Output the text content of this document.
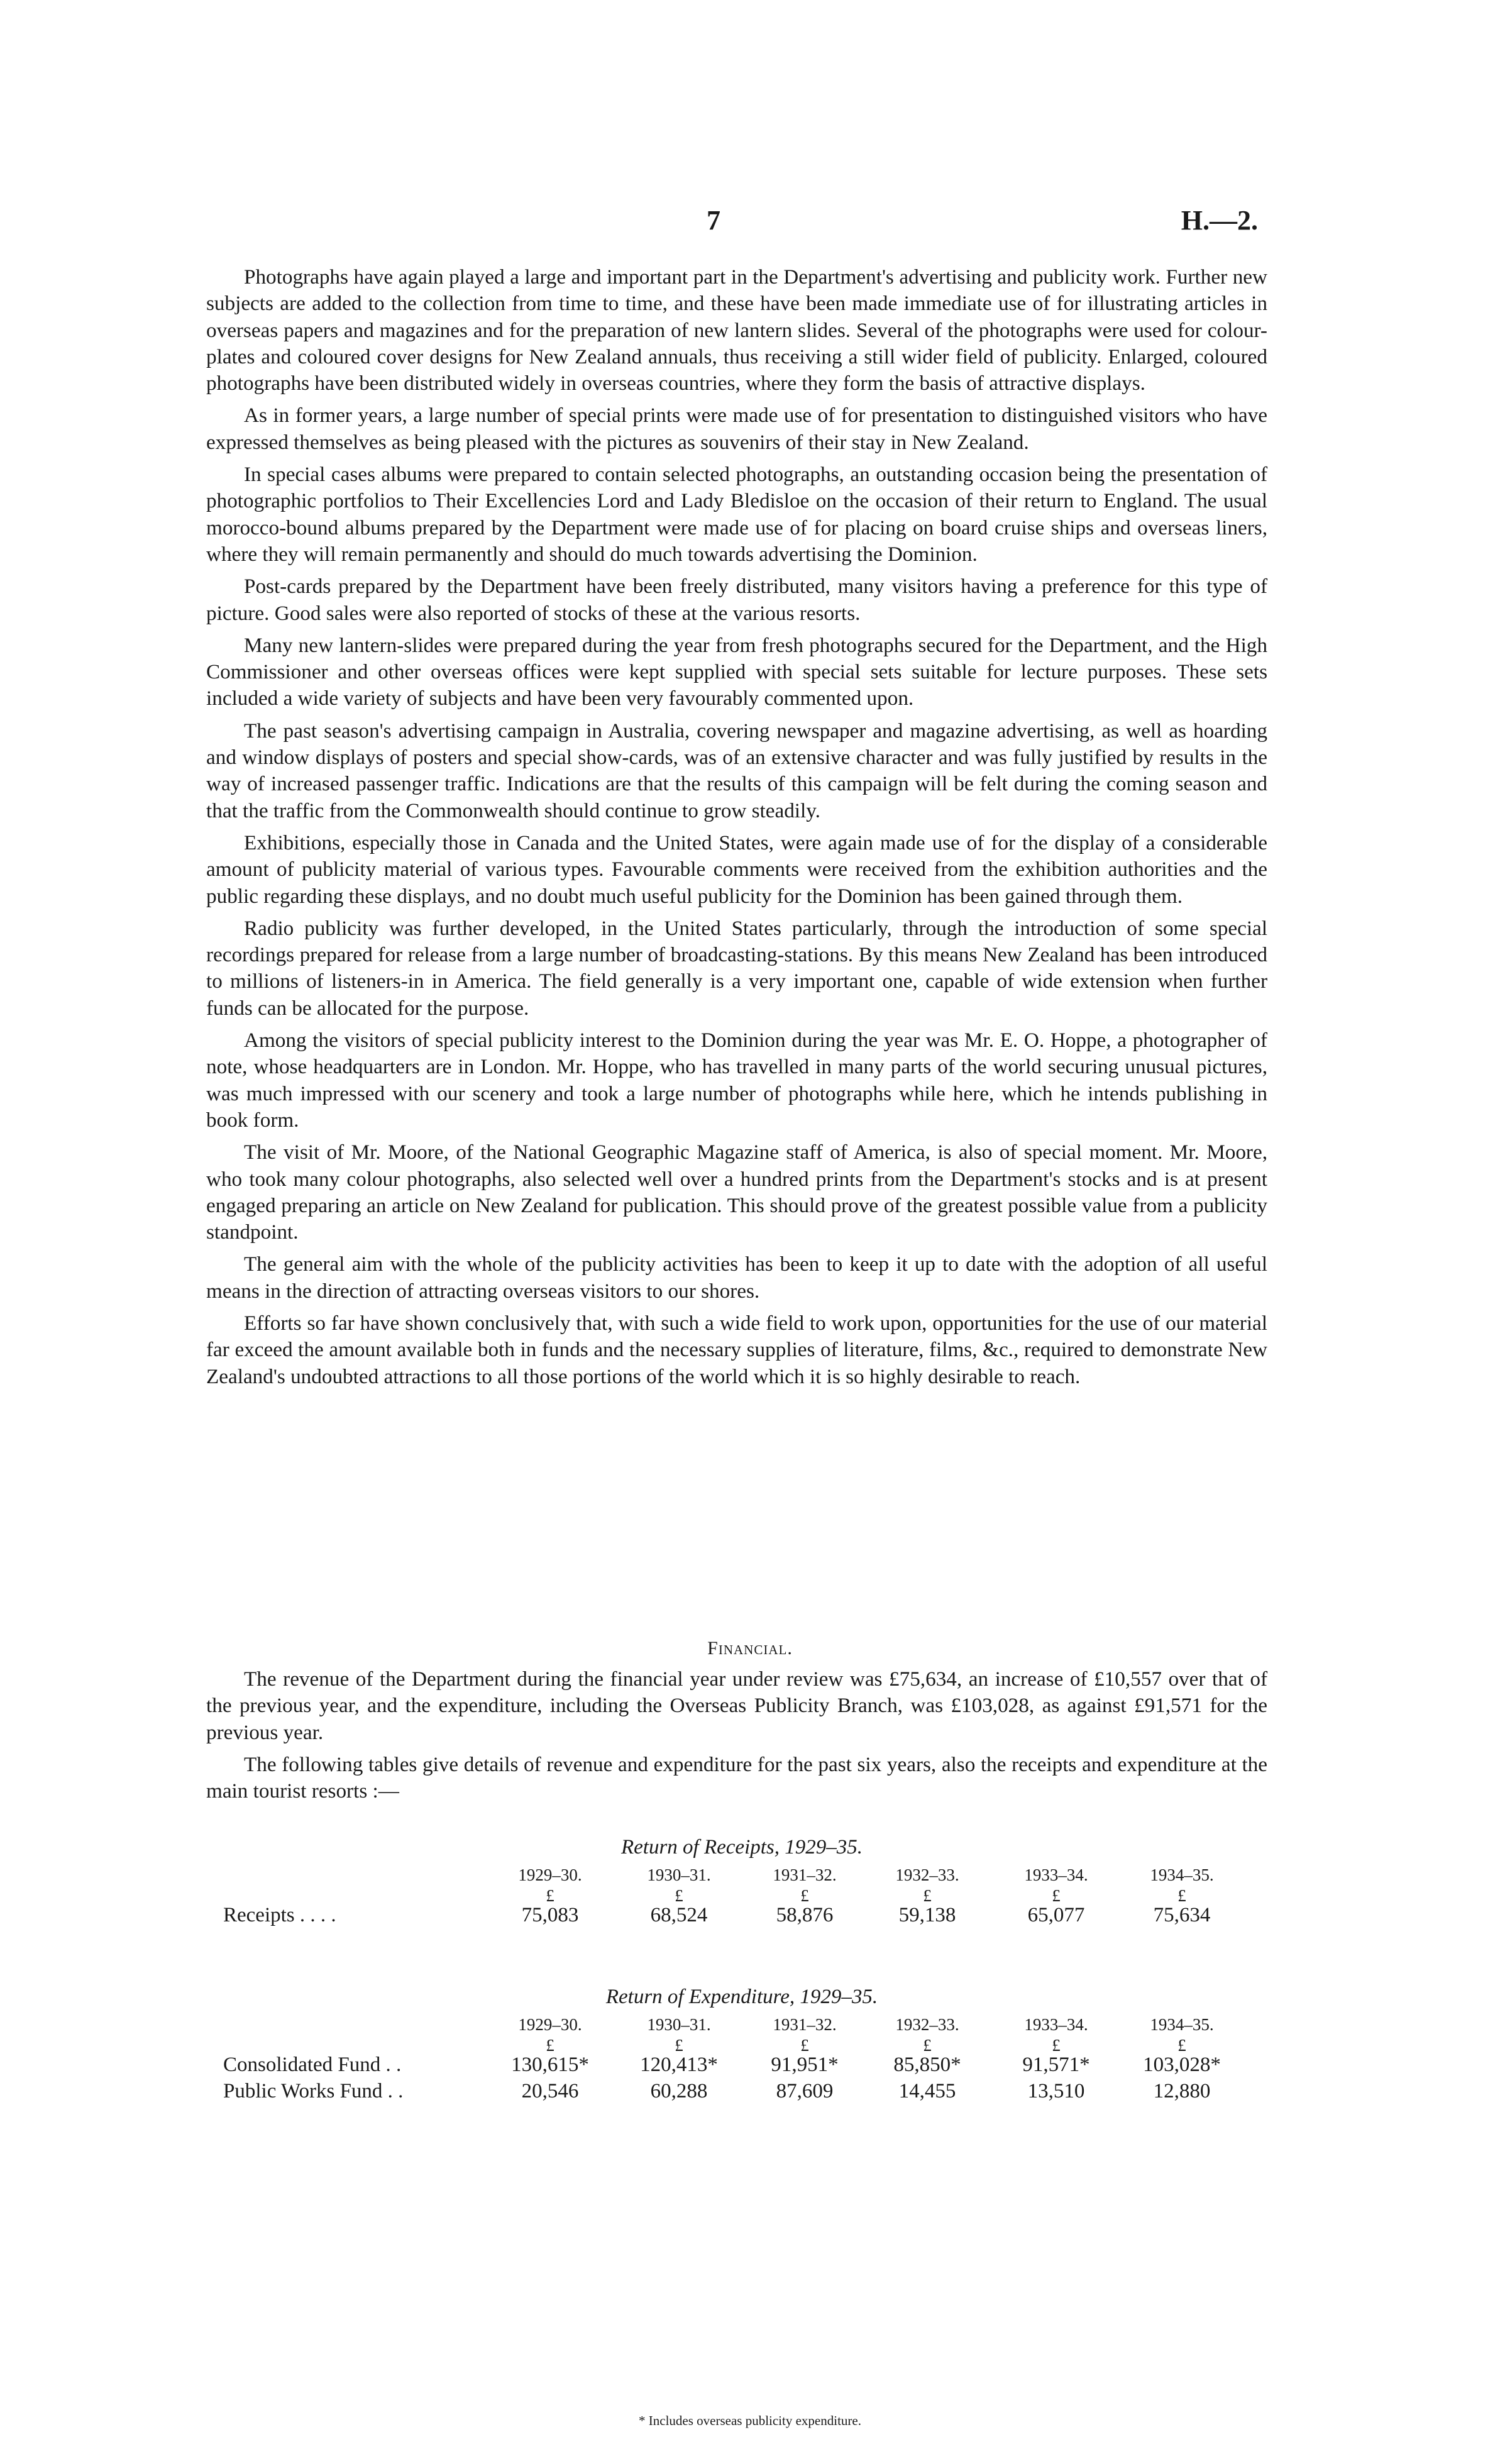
7	H.—2.

Photographs have again played a large and important part in the Department's advertising and publicity work. Further new subjects are added to the collection from time to time, and these have been made immediate use of for illustrating articles in overseas papers and magazines and for the preparation of new lantern slides. Several of the photographs were used for colour-plates and coloured cover designs for New Zealand annuals, thus receiving a still wider field of publicity. Enlarged, coloured photographs have been distributed widely in overseas countries, where they form the basis of attractive displays.

As in former years, a large number of special prints were made use of for presentation to distinguished visitors who have expressed themselves as being pleased with the pictures as souvenirs of their stay in New Zealand.

In special cases albums were prepared to contain selected photographs, an outstanding occasion being the presentation of photographic portfolios to Their Excellencies Lord and Lady Bledisloe on the occasion of their return to England. The usual morocco-bound albums prepared by the Department were made use of for placing on board cruise ships and overseas liners, where they will remain permanently and should do much towards advertising the Dominion.

Post-cards prepared by the Department have been freely distributed, many visitors having a preference for this type of picture. Good sales were also reported of stocks of these at the various resorts.

Many new lantern-slides were prepared during the year from fresh photographs secured for the Department, and the High Commissioner and other overseas offices were kept supplied with special sets suitable for lecture purposes. These sets included a wide variety of subjects and have been very favourably commented upon.

The past season's advertising campaign in Australia, covering newspaper and magazine advertising, as well as hoarding and window displays of posters and special show-cards, was of an extensive character and was fully justified by results in the way of increased passenger traffic. Indications are that the results of this campaign will be felt during the coming season and that the traffic from the Commonwealth should continue to grow steadily.

Exhibitions, especially those in Canada and the United States, were again made use of for the display of a considerable amount of publicity material of various types. Favourable comments were received from the exhibition authorities and the public regarding these displays, and no doubt much useful publicity for the Dominion has been gained through them.

Radio publicity was further developed, in the United States particularly, through the introduction of some special recordings prepared for release from a large number of broadcasting-stations. By this means New Zealand has been introduced to millions of listeners-in in America. The field generally is a very important one, capable of wide extension when further funds can be allocated for the purpose.

Among the visitors of special publicity interest to the Dominion during the year was Mr. E. O. Hoppe, a photographer of note, whose headquarters are in London. Mr. Hoppe, who has travelled in many parts of the world securing unusual pictures, was much impressed with our scenery and took a large number of photographs while here, which he intends publishing in book form.

The visit of Mr. Moore, of the National Geographic Magazine staff of America, is also of special moment. Mr. Moore, who took many colour photographs, also selected well over a hundred prints from the Department's stocks and is at present engaged preparing an article on New Zealand for publication. This should prove of the greatest possible value from a publicity standpoint.

The general aim with the whole of the publicity activities has been to keep it up to date with the adoption of all useful means in the direction of attracting overseas visitors to our shores.

Efforts so far have shown conclusively that, with such a wide field to work upon, opportunities for the use of our material far exceed the amount available both in funds and the necessary supplies of literature, films, &c., required to demonstrate New Zealand's undoubted attractions to all those portions of the world which it is so highly desirable to reach.

Financial.

The revenue of the Department during the financial year under review was £75,634, an increase of £10,557 over that of the previous year, and the expenditure, including the Overseas Publicity Branch, was £103,028, as against £91,571 for the previous year.

The following tables give details of revenue and expenditure for the past six years, also the receipts and expenditure at the main tourist resorts :—

Return of Receipts, 1929–35.
1929–30.	1930–31.	1931–32.	1932–33.	1933–34.	1934–35.
£	£	£	£	£	£
Receipts . . . .	75,083	68,524	58,876	59,138	65,077	75,634
Return of Expenditure, 1929–35.
1929–30.	1930–31.	1931–32.	1932–33.	1933–34.	1934–35.
£	£	£	£	£	£
Consolidated Fund . .	130,615*	120,413*	91,951*	85,850*	91,571*	103,028*
Public Works Fund . .	20,546	60,288	87,609	14,455	13,510	12,880
* Includes overseas publicity expenditure.
